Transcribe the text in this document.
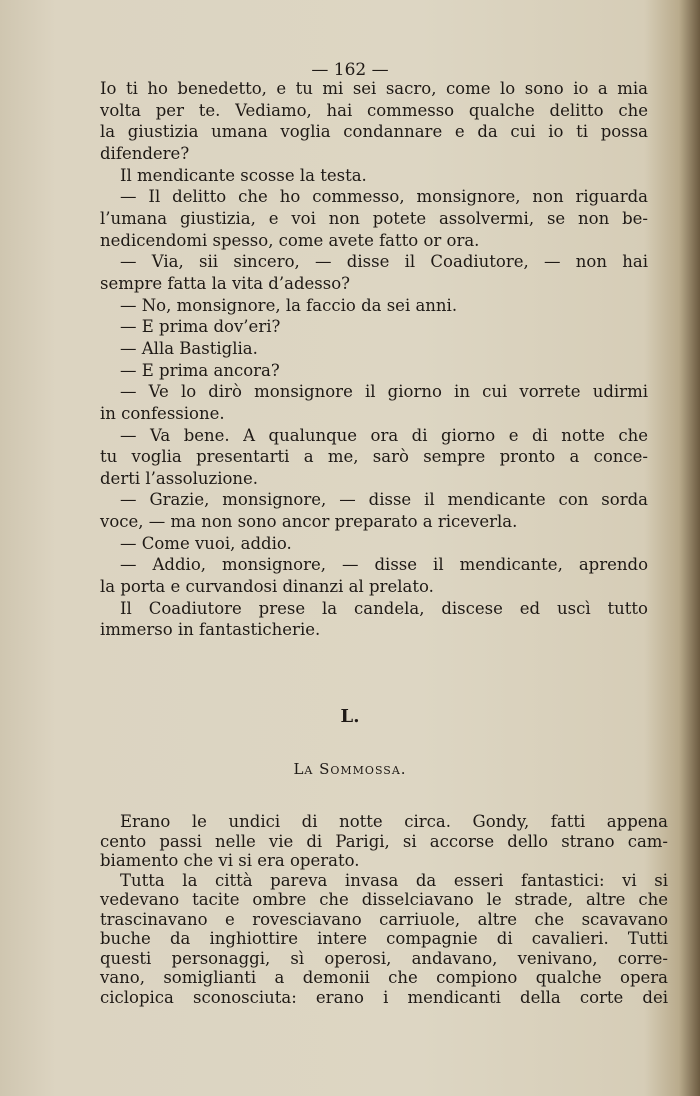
— 162 —
Io ti ho benedetto, e tu mi sei sacro, come lo sono io a mia
volta per te. Vediamo, hai commesso qualche delitto che
la giustizia umana voglia condannare e da cui io ti possa
difendere?
Il mendicante scosse la testa.
— Il delitto che ho commesso, monsignore, non riguarda
l’umana giustizia, e voi non potete assolvermi, se non be-
nedicendomi spesso, come avete fatto or ora.
— Via, sii sincero, — disse il Coadiutore, — non hai
sempre fatta la vita d’adesso?
— No, monsignore, la faccio da sei anni.
— E prima dov’eri?
— Alla Bastiglia.
— E prima ancora?
— Ve lo dirò monsignore il giorno in cui vorrete udirmi
in confessione.
— Va bene. A qualunque ora di giorno e di notte che
tu voglia presentarti a me, sarò sempre pronto a conce-
derti l’assoluzione.
— Grazie, monsignore, — disse il mendicante con sorda
voce, — ma non sono ancor preparato a riceverla.
— Come vuoi, addio.
— Addio, monsignore, — disse il mendicante, aprendo
la porta e curvandosi dinanzi al prelato.
Il Coadiutore prese la candela, discese ed uscì tutto
immerso in fantasticherie.
L.
La Sommossa.
Erano le undici di notte circa. Gondy, fatti appena
cento passi nelle vie di Parigi, si accorse dello strano cam-
biamento che vi si era operato.
Tutta la città pareva invasa da esseri fantastici: vi si
vedevano tacite ombre che disselciavano le strade, altre che
trascinavano e rovesciavano carriuole, altre che scavavano
buche da inghiottire intere compagnie di cavalieri. Tutti
questi personaggi, sì operosi, andavano, venivano, corre-
vano, somiglianti a demonii che compiono qualche opera
ciclopica sconosciuta: erano i mendicanti della corte dei
